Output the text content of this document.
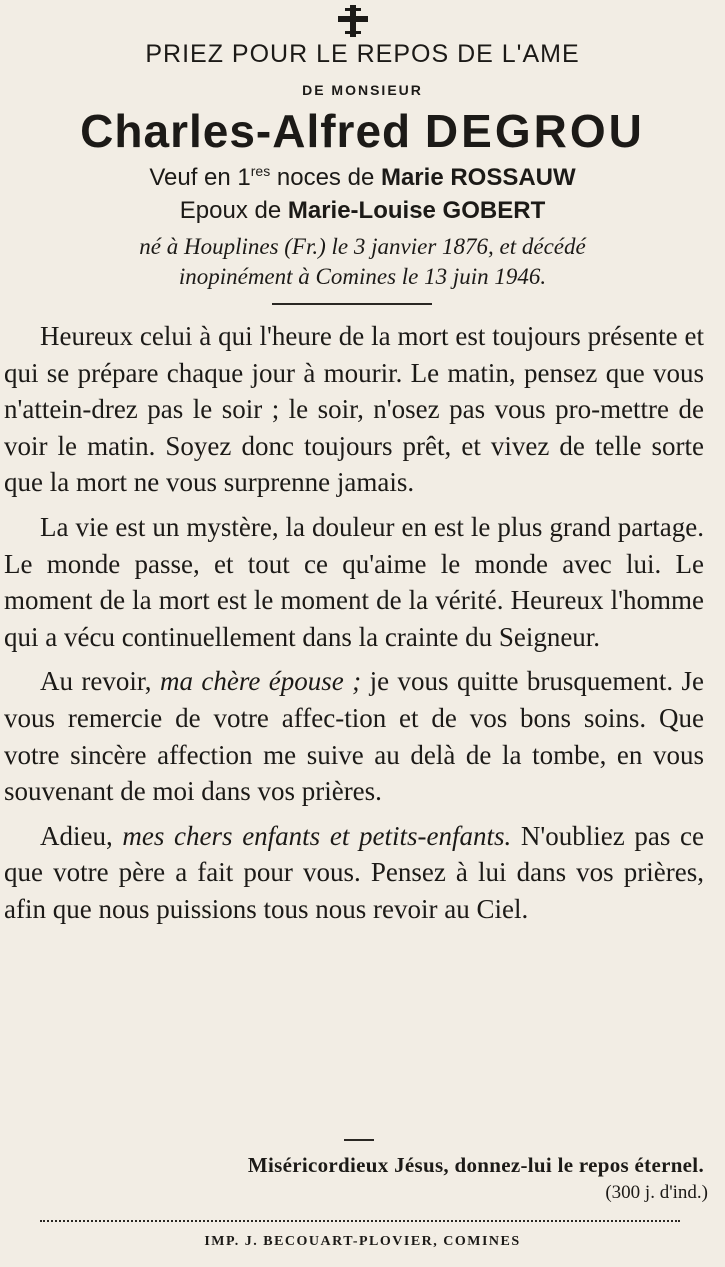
PRIEZ POUR LE REPOS DE L'AME
DE MONSIEUR
Charles-Alfred DEGROU
Veuf en 1res noces de Marie ROSSAUW
Epoux de Marie-Louise GOBERT
né à Houplines (Fr.) le 3 janvier 1876, et décédé
inopinément à Comines le 13 juin 1946.

Heureux celui à qui l'heure de la mort est toujours présente et qui se prépare chaque jour à mourir. Le matin, pensez que vous n'attein-drez pas le soir ; le soir, n'osez pas vous pro-mettre de voir le matin. Soyez donc toujours prêt, et vivez de telle sorte que la mort ne vous surprenne jamais.

La vie est un mystère, la douleur en est le plus grand partage. Le monde passe, et tout ce qu'aime le monde avec lui. Le moment de la mort est le moment de la vérité. Heureux l'homme qui a vécu continuellement dans la crainte du Seigneur.

Au revoir, ma chère épouse ; je vous quitte brusquement. Je vous remercie de votre affec-tion et de vos bons soins. Que votre sincère affection me suive au delà de la tombe, en vous souvenant de moi dans vos prières.

Adieu, mes chers enfants et petits-enfants. N'oubliez pas ce que votre père a fait pour vous. Pensez à lui dans vos prières, afin que nous puissions tous nous revoir au Ciel.

Miséricordieux Jésus, donnez-lui le repos éternel.
(300 j. d'ind.)
IMP. J. BECOUART-PLOVIER, COMINES
